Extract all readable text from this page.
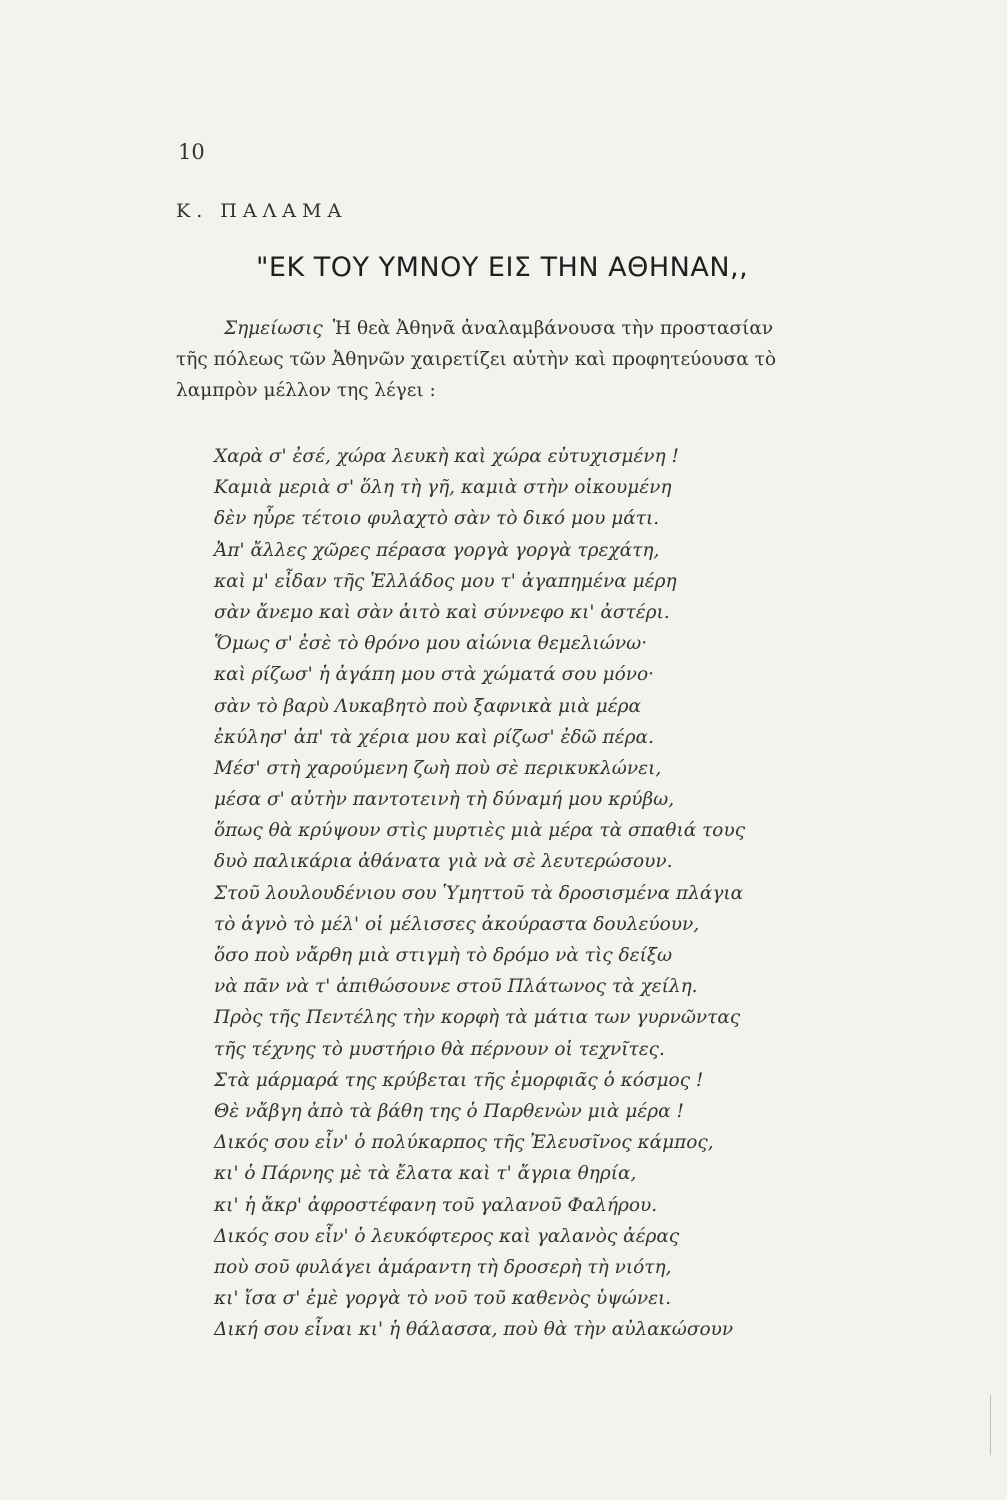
10
Κ. ΠΑΛΑΜΑ
"ΕΚ ΤΟΥ ΥΜΝΟΥ ΕΙΣ ΤΗΝ ΑΘΗΝΑΝ,,
Σημείωσις Ἡ θεὰ Ἀθηνᾶ ἀναλαμβάνουσα τὴν προστασίαν
τῆς πόλεως τῶν Ἀθηνῶν χαιρετίζει αὐτὴν καὶ προφητεύουσα τὸ
λαμπρὸν μέλλον της λέγει :
Χαρὰ σ' ἐσέ, χώρα λευκὴ καὶ χώρα εὐτυχισμένη !
Καμιὰ μεριὰ σ' ὅλη τὴ γῆ, καμιὰ στὴν οἰκουμένη
δὲν ηὗρε τέτοιο φυλαχτὸ σὰν τὸ δικό μου μάτι.
Ἀπ' ἄλλες χῶρες πέρασα γοργὰ γοργὰ τρεχάτη,
καὶ μ' εἶδαν τῆς Ἑλλάδος μου τ' ἀγαπημένα μέρη
σὰν ἄνεμο καὶ σὰν ἀιτὸ καὶ σύννεφο κι' ἀστέρι.
Ὅμως σ' ἐσὲ τὸ θρόνο μου αἰώνια θεμελιώνω·
καὶ ρίζωσ' ἡ ἀγάπη μου στὰ χώματά σου μόνο·
σὰν τὸ βαρὺ Λυκαβητὸ ποὺ ξαφνικὰ μιὰ μέρα
ἐκύλησ' ἀπ' τὰ χέρια μου καὶ ρίζωσ' ἐδῶ πέρα.
Μέσ' στὴ χαρούμενη ζωὴ ποὺ σὲ περικυκλώνει,
μέσα σ' αὐτὴν παντοτεινὴ τὴ δύναμή μου κρύβω,
ὅπως θὰ κρύψουν στὶς μυρτιὲς μιὰ μέρα τὰ σπαθιά τους
δυὸ παλικάρια ἀθάνατα γιὰ νὰ σὲ λευτερώσουν.
Στοῦ λουλουδένιου σου Ὑμηττοῦ τὰ δροσισμένα πλάγια
τὸ ἁγνὸ τὸ μέλ' οἱ μέλισσες ἀκούραστα δουλεύουν,
ὅσο ποὺ νἄρθη μιὰ στιγμὴ τὸ δρόμο νὰ τὶς δείξω
νὰ πᾶν νὰ τ' ἀπιθώσουνε στοῦ Πλάτωνος τὰ χείλη.
Πρὸς τῆς Πεντέλης τὴν κορφὴ τὰ μάτια των γυρνῶντας
τῆς τέχνης τὸ μυστήριο θὰ πέρνουν οἱ τεχνῖτες.
Στὰ μάρμαρά της κρύβεται τῆς ἐμορφιᾶς ὁ κόσμος !
Θὲ νἄβγη ἀπὸ τὰ βάθη της ὁ Παρθενὼν μιὰ μέρα !
Δικός σου εἶν' ὁ πολύκαρπος τῆς Ἐλευσῖνος κάμπος,
κι' ὁ Πάρνης μὲ τὰ ἔλατα καὶ τ' ἄγρια θηρία,
κι' ἡ ἄκρ' ἀφροστέφανη τοῦ γαλανοῦ Φαλήρου.
Δικός σου εἶν' ὁ λευκόφτερος καὶ γαλανὸς ἀέρας
ποὺ σοῦ φυλάγει ἀμάραντη τὴ δροσερὴ τὴ νιότη,
κι' ἴσα σ' ἐμὲ γοργὰ τὸ νοῦ τοῦ καθενὸς ὑψώνει.
Δική σου εἶναι κι' ἡ θάλασσα, ποὺ θὰ τὴν αὐλακώσουν
